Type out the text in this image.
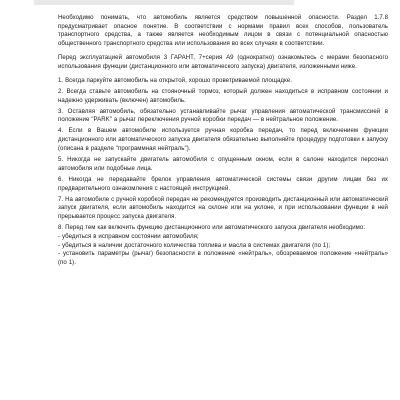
Необходимо понимать, что автомобиль является средством повышенной опасности. Раздел 1.7.8 предусматривает опасное понятие. В соответствии с нормами правил всех способов, пользователь транспортного средства, а также является необходимым лицом в связи с потенциальной опасностью общественного транспортного средства или использования во всех случаях в соответствии.

Перед эксплуатацией автомобиля 3 ГАРАНТ, 7+серия А9 (однократно) ознакомьтесь с мерами безопасного использования функции (дистанционного или автоматического запуска) двигателя, изложенными ниже.

1. Всегда паркуйте автомобиль на открытой, хорошо проветриваемой площадке.

2. Всегда ставьте автомобиль на стояночный тормоз, который должен находиться в исправном состоянии и надежно удерживать (включен) автомобиль.

3. Оставляя автомобиль, обязательно устанавливайте рычаг управления автоматической трансмиссией в положение "PARK" а рычаг переключения ручной коробки передач — в нейтральное положение.

4. Если в Вашем автомобиле используется ручная коробка передач, то перед включением функции дистанционного или автоматического запуска двигателя обязательно выполняйте процедуру подготовки к запуску (описана в разделе "программная нейтраль").

5. Никогда не запускайте двигатель автомобиля с опущенным окном, если в салоне находится персонал автомобиля или подобные лица.

6. Никогда не передавайте брелок управления автоматической системы связи другим лицам без их предварительного ознакомления с настоящей инструкцией.

7. На автомобиле с ручной коробкой передач не рекомендуется производить дистанционный или автоматический запуск двигателя, если автомобиль находится на склоне или на уклоне, и при использовании функции в ней прерывается процесс запуска двигателя.

8. Перед тем как включить функцию дистанционного или автоматического запуска двигателя необходимо:

- убедиться в исправном состоянии автомобиля;

- убедиться в наличии достаточного количества топлива и масла в системах двигателя (по 1);

- установить параметры (рычаг) безопасности в положение «нейтраль», обозреваемое положение «нейтраль» (по 1).
